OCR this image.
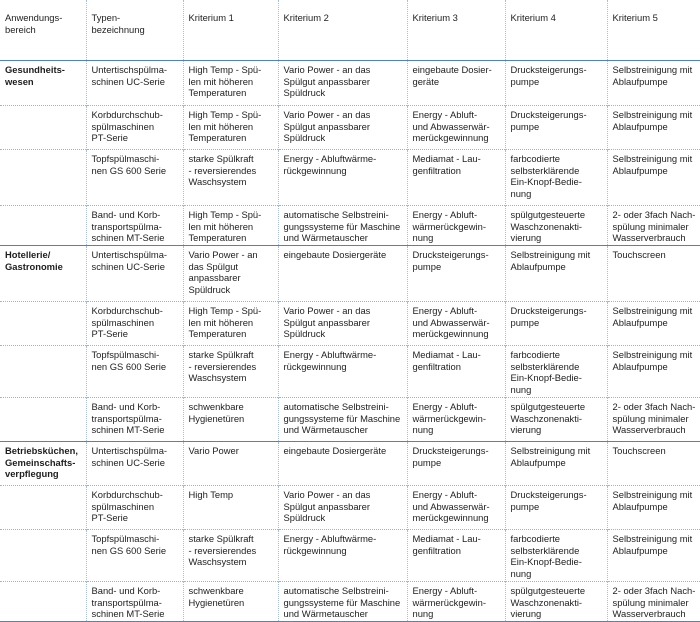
Anwendungs-
bereich	Typen-
bezeichnung	Kriterium 1	Kriterium 2	Kriterium 3	Kriterium 4	Kriterium 5
Gesundheits-
wesen	Untertischspülma-
schinen UC-Serie	High Temp - Spü-
len mit höheren
Temperaturen	Vario Power - an das
Spülgut anpassbarer
Spüldruck	eingebaute Dosier-
geräte	Drucksteigerungs-
pumpe	Selbstreinigung mit
Ablaufpumpe
	Korbdurchschub-
spülmaschinen
PT-Serie	High Temp - Spü-
len mit höheren
Temperaturen	Vario Power - an das
Spülgut anpassbarer
Spüldruck	Energy - Abluft-
und Abwasserwär-
merückgewinnung	Drucksteigerungs-
pumpe	Selbstreinigung mit
Ablaufpumpe
	Topfspülmaschi-
nen GS 600 Serie	starke Spülkraft
- reversierendes
Waschsystem	Energy - Abluftwärme-
rückgewinnung	Mediamat - Lau-
genfiltration	farbcodierte
selbsterklärende
Ein-Knopf-Bedie-
nung	Selbstreinigung mit
Ablaufpumpe
	Band- und Korb-
transportspülma-
schinen MT-Serie	High Temp - Spü-
len mit höheren
Temperaturen	automatische Selbstreini-
gungssysteme für Maschine
und Wärmetauscher	Energy - Abluft-
wärmerückgewin-
nung	spülgutgesteuerte
Waschzonenakti-
vierung	2- oder 3fach Nach-
spülung minimaler
Wasserverbrauch
Hotellerie/
Gastronomie	Untertischspülma-
schinen UC-Serie	Vario Power - an
das Spülgut
anpassbarer
Spüldruck	eingebaute Dosiergeräte	Drucksteigerungs-
pumpe	Selbstreinigung mit
Ablaufpumpe	Touchscreen
	Korbdurchschub-
spülmaschinen
PT-Serie	High Temp - Spü-
len mit höheren
Temperaturen	Vario Power - an das
Spülgut anpassbarer
Spüldruck	Energy - Abluft-
und Abwasserwär-
merückgewinnung	Drucksteigerungs-
pumpe	Selbstreinigung mit
Ablaufpumpe
	Topfspülmaschi-
nen GS 600 Serie	starke Spülkraft
- reversierendes
Waschsystem	Energy - Abluftwärme-
rückgewinnung	Mediamat - Lau-
genfiltration	farbcodierte
selbsterklärende
Ein-Knopf-Bedie-
nung	Selbstreinigung mit
Ablaufpumpe
	Band- und Korb-
transportspülma-
schinen MT-Serie	schwenkbare
Hygienetüren	automatische Selbstreini-
gungssysteme für Maschine
und Wärmetauscher	Energy - Abluft-
wärmerückgewin-
nung	spülgutgesteuerte
Waschzonenakti-
vierung	2- oder 3fach Nach-
spülung minimaler
Wasserverbrauch
Betriebsküchen,
Gemeinschafts-
verpflegung	Untertischspülma-
schinen UC-Serie	Vario Power	eingebaute Dosiergeräte	Drucksteigerungs-
pumpe	Selbstreinigung mit
Ablaufpumpe	Touchscreen
	Korbdurchschub-
spülmaschinen
PT-Serie	High Temp	Vario Power - an das
Spülgut anpassbarer
Spüldruck	Energy - Abluft-
und Abwasserwär-
merückgewinnung	Drucksteigerungs-
pumpe	Selbstreinigung mit
Ablaufpumpe
	Topfspülmaschi-
nen GS 600 Serie	starke Spülkraft
- reversierendes
Waschsystem	Energy - Abluftwärme-
rückgewinnung	Mediamat - Lau-
genfiltration	farbcodierte
selbsterklärende
Ein-Knopf-Bedie-
nung	Selbstreinigung mit
Ablaufpumpe
	Band- und Korb-
transportspülma-
schinen MT-Serie	schwenkbare
Hygienetüren	automatische Selbstreini-
gungssysteme für Maschine
und Wärmetauscher	Energy - Abluft-
wärmerückgewin-
nung	spülgutgesteuerte
Waschzonenakti-
vierung	2- oder 3fach Nach-
spülung minimaler
Wasserverbrauch
